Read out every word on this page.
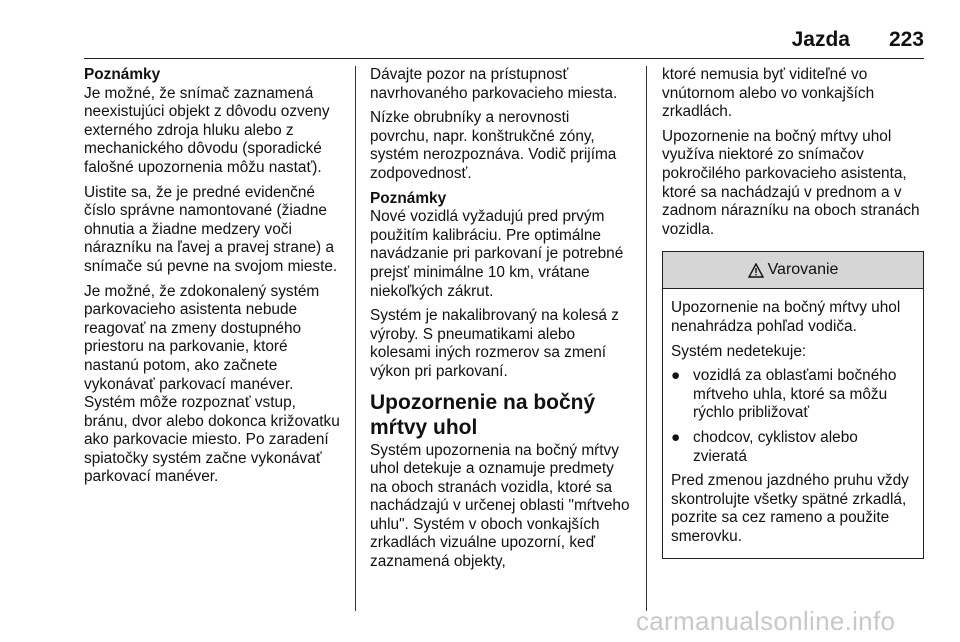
Jazda	223

Poznámky
Je možné, že snímač zaznamená neexistujúci objekt z dôvodu ozveny externého zdroja hluku alebo z mechanického dôvodu (sporadické falošné upozornenia môžu nastať).

Uistite sa, že je predné evidenčné číslo správne namontované (žiadne ohnutia a žiadne medzery voči nárazníku na ľavej a pravej strane) a snímače sú pevne na svojom mieste.

Je možné, že zdokonalený systém parkovacieho asistenta nebude reagovať na zmeny dostupného priestoru na parkovanie, ktoré nastanú potom, ako začnete vykonávať parkovací manéver. Systém môže rozpoznať vstup, bránu, dvor alebo dokonca križovatku ako parkovacie miesto. Po zaradení spiatočky systém začne vykonávať parkovací manéver.

Dávajte pozor na prístupnosť navrhovaného parkovacieho miesta.

Nízke obrubníky a nerovnosti povrchu, napr. konštrukčné zóny, systém nerozpoznáva. Vodič prijíma zodpovednosť.

Poznámky
Nové vozidlá vyžadujú pred prvým použitím kalibráciu. Pre optimálne navádzanie pri parkovaní je potrebné prejsť minimálne 10 km, vrátane niekoľkých zákrut.

Systém je nakalibrovaný na kolesá z výroby. S pneumatikami alebo kolesami iných rozmerov sa zmení výkon pri parkovaní.

Upozornenie na bočný mŕtvy uhol

Systém upozornenia na bočný mŕtvy uhol detekuje a oznamuje predmety na oboch stranách vozidla, ktoré sa nachádzajú v určenej oblasti "mŕtveho uhlu". Systém v oboch vonkajších zrkadlách vizuálne upozorní, keď zaznamená objekty,

ktoré nemusia byť viditeľné vo vnútornom alebo vo vonkajších zrkadlách.

Upozornenie na bočný mŕtvy uhol využíva niektoré zo snímačov pokročilého parkovacieho asistenta, ktoré sa nachádzajú v prednom a v zadnom nárazníku na oboch stranách vozidla.

Varovanie

Upozornenie na bočný mŕtvy uhol nenahrádza pohľad vodiča.

Systém nedetekuje:

● vozidlá za oblasťami bočného mŕtveho uhla, ktoré sa môžu rýchlo približovať
● chodcov, cyklistov alebo zvieratá

Pred zmenou jazdného pruhu vždy skontrolujte všetky spätné zrkadlá, pozrite sa cez rameno a použite smerovku.

carmanualsonline.info
